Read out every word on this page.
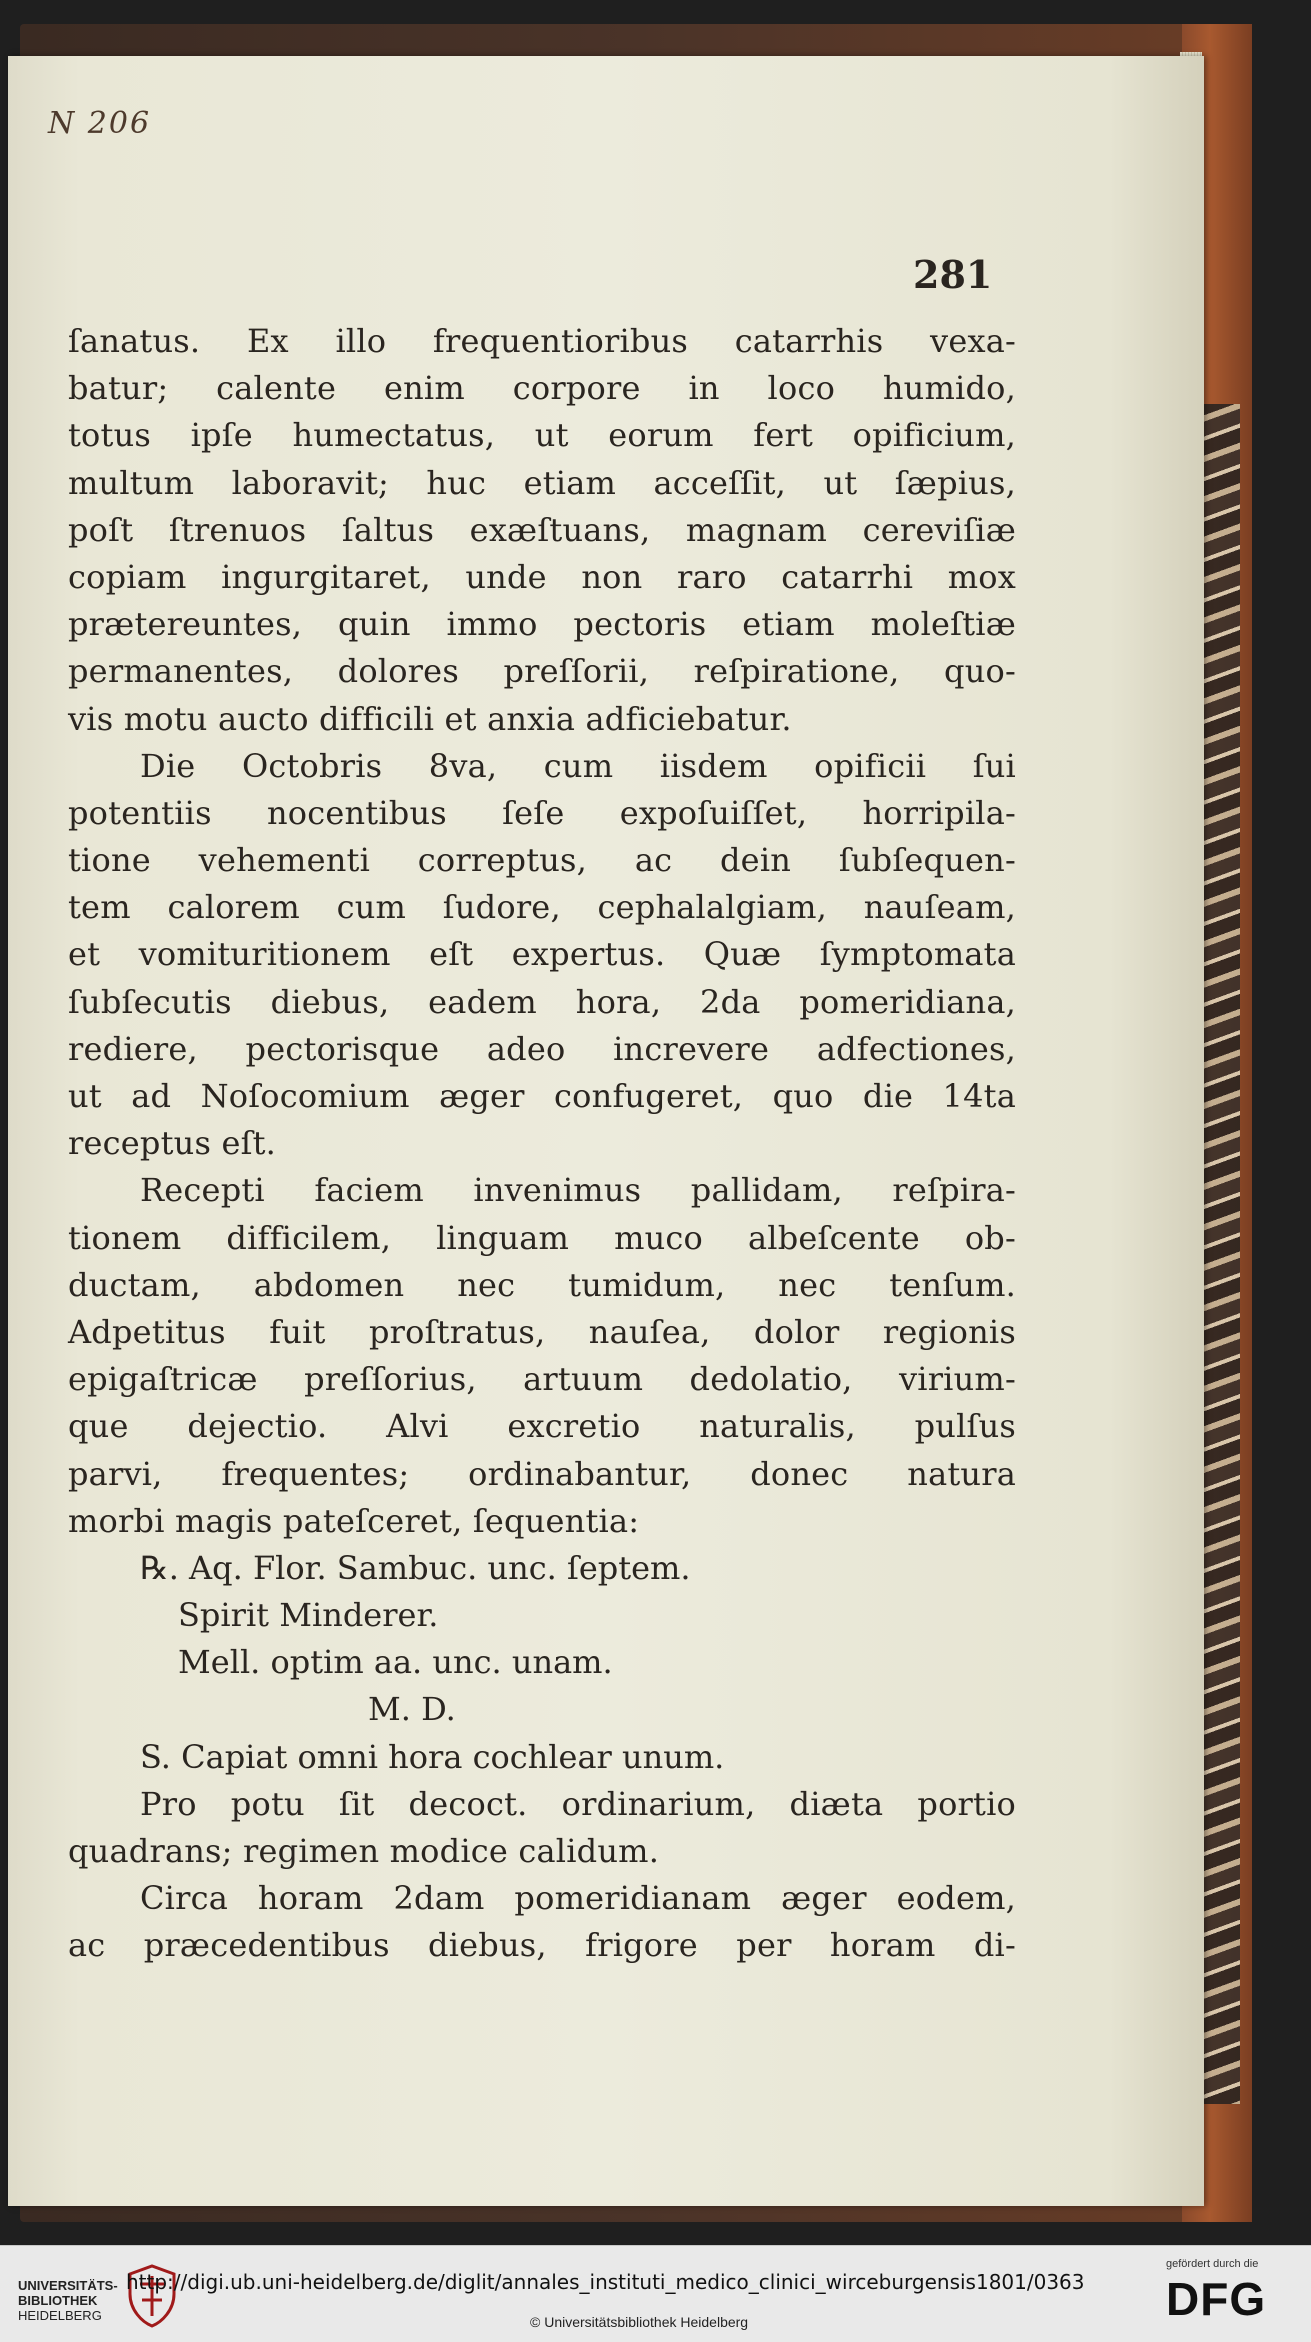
N 206
281
ſanatus. Ex illo frequentioribus catarrhis vexa-
batur; calente enim corpore in loco humido,
totus ipſe humectatus, ut eorum fert opificium,
multum laboravit; huc etiam acceſſit, ut ſæpius,
poſt ſtrenuos ſaltus exæſtuans, magnam cereviſiæ
copiam ingurgitaret, unde non raro catarrhi mox
prætereuntes, quin immo pectoris etiam moleſtiæ
permanentes, dolores preſſorii, reſpiratione, quo-
vis motu aucto difficili et anxia adficiebatur.
Die Octobris 8va, cum iisdem opificii ſui
potentiis nocentibus ſeſe expoſuiſſet, horripila-
tione vehementi correptus, ac dein ſubſequen-
tem calorem cum ſudore, cephalalgiam, nauſeam,
et vomituritionem eſt expertus. Quæ ſymptomata
ſubſecutis diebus, eadem hora, 2da pomeridiana,
rediere, pectorisque adeo increvere adfectiones,
ut ad Noſocomium æger confugeret, quo die 14ta
receptus eſt.
Recepti faciem invenimus pallidam, reſpira-
tionem difficilem, linguam muco albeſcente ob-
ductam, abdomen nec tumidum, nec tenſum.
Adpetitus fuit proſtratus, nauſea, dolor regionis
epigaſtricæ preſſorius, artuum dedolatio, virium-
que dejectio. Alvi excretio naturalis, pulſus
parvi, frequentes; ordinabantur, donec natura
morbi magis pateſceret, ſequentia:
℞. Aq. Flor. Sambuc. unc. ſeptem.
Spirit Minderer.
Mell. optim aa. unc. unam.
M. D.
S. Capiat omni hora cochlear unum.
Pro potu ſit decoct. ordinarium, diæta portio
quadrans; regimen modice calidum.
Circa horam 2dam pomeridianam æger eodem,
ac præcedentibus diebus, frigore per horam di-
UNIVERSITÄTS-
BIBLIOTHEK
HEIDELBERG
http://digi.ub.uni-heidelberg.de/diglit/annales_instituti_medico_clinici_wirceburgensis1801/0363
© Universitätsbibliothek Heidelberg
gefördert durch die
DFG
